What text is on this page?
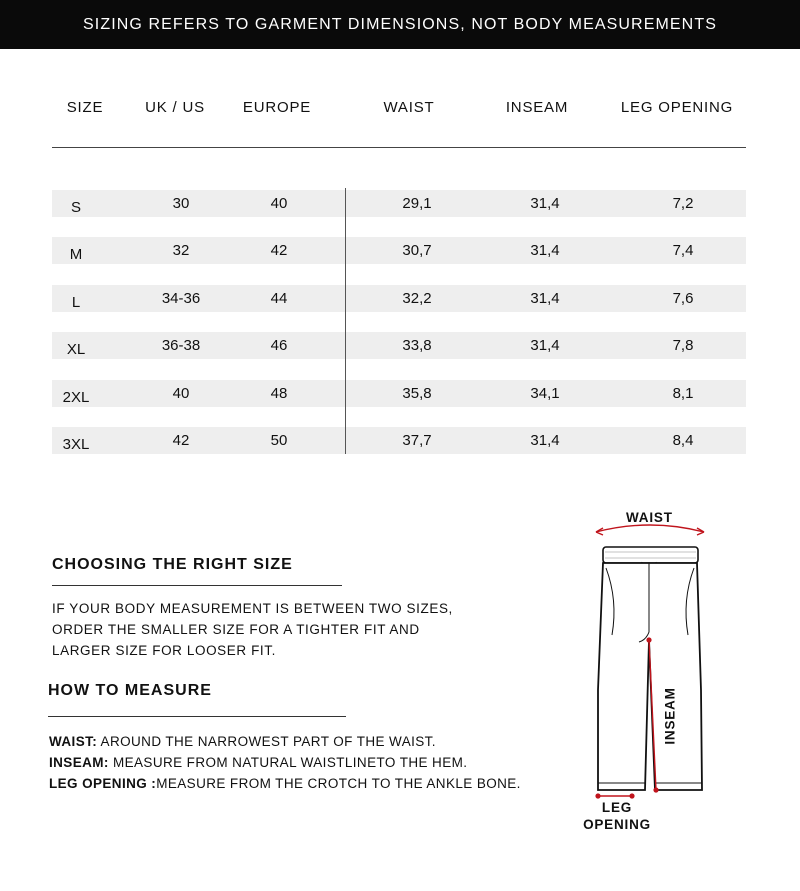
SIZING REFERS TO GARMENT DIMENSIONS, NOT BODY MEASUREMENTS
SIZE	UK / US	EUROPE	WAIST	INSEAM	LEG OPENING
S	30	40	29,1	31,4	7,2
M	32	42	30,7	31,4	7,4
L	34-36	44	32,2	31,4	7,6
XL	36-38	46	33,8	31,4	7,8
2XL	40	48	35,8	34,1	8,1
3XL	42	50	37,7	31,4	8,4
CHOOSING THE RIGHT SIZE
IF YOUR BODY MEASUREMENT IS BETWEEN TWO SIZES,
ORDER THE SMALLER SIZE FOR A TIGHTER FIT AND
LARGER SIZE FOR LOOSER FIT.
HOW TO MEASURE
WAIST: AROUND THE NARROWEST PART OF THE WAIST.
INSEAM: MEASURE FROM NATURAL WAISTLINETO THE HEM.
LEG OPENING :MEASURE FROM THE CROTCH TO THE ANKLE BONE.
WAIST
INSEAM
LEG
OPENING
